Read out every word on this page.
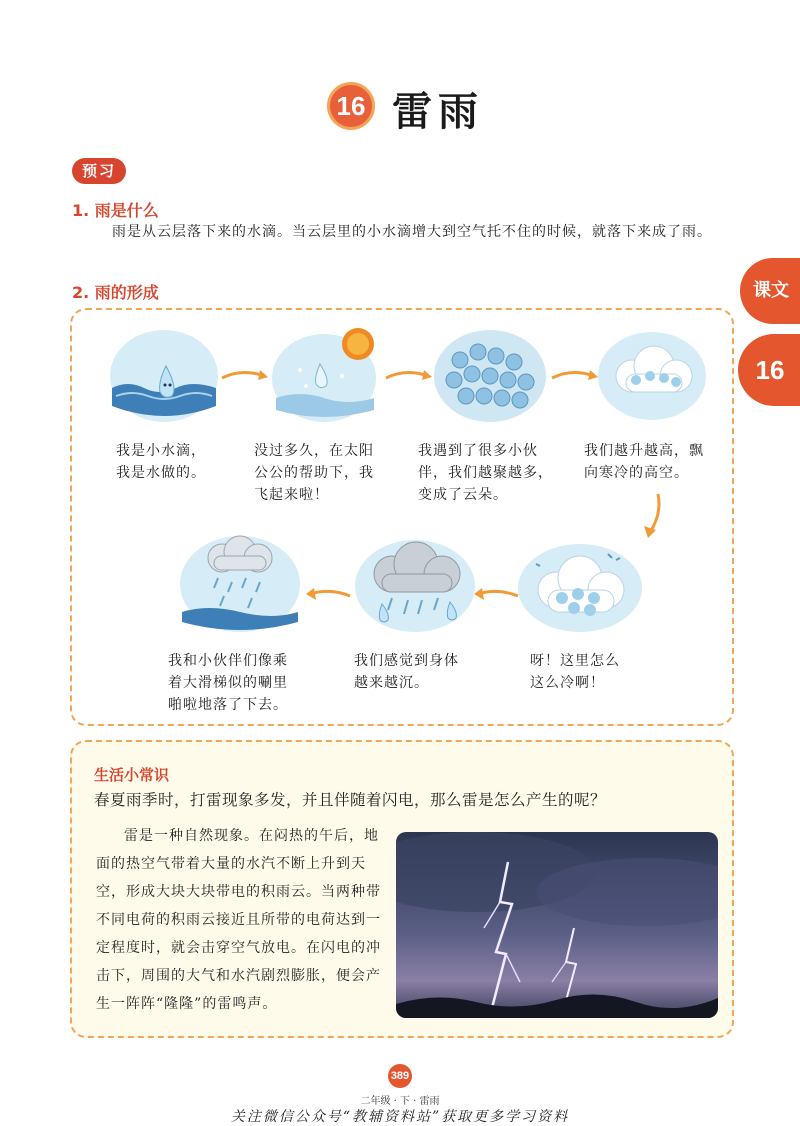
16 雷雨
预习
1. 雨是什么
雨是从云层落下来的水滴。当云层里的小水滴增大到空气托不住的时候，就落下来成了雨。
2. 雨的形成	课文
16
我是小水滴，
我是水做的。
没过多久，在太阳
公公的帮助下，我
飞起来啦！
我遇到了很多小伙
伴，我们越聚越多，
变成了云朵。
我们越升越高，飘
向寒冷的高空。
呀！这里怎么
这么冷啊！
我们感觉到身体
越来越沉。
我和小伙伴们像乘
着大滑梯似的唰里
啪啦地落了下去。
生活小常识
春夏雨季时，打雷现象多发，并且伴随着闪电，那么雷是怎么产生的呢？
雷是一种自然现象。在闷热的午后，地面的热空气带着大量的水汽不断上升到天空，形成大块大块带电的积雨云。当两种带不同电荷的积雨云接近且所带的电荷达到一定程度时，就会击穿空气放电。在闪电的冲击下，周围的大气和水汽剧烈膨胀，便会产生一阵阵“隆隆”的雷鸣声。
389
二年级 · 下 · 雷雨
关注微信公众号“教辅资料站”获取更多学习资料
